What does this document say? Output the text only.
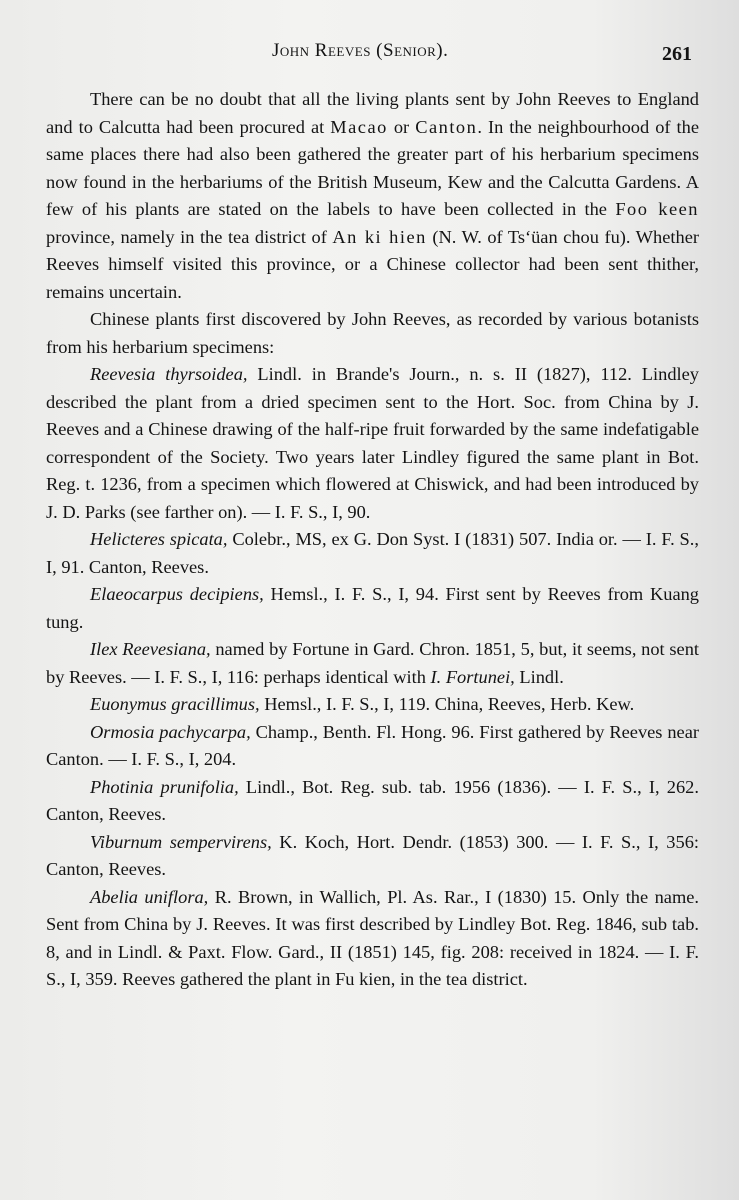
John Reeves (Senior).	261

There can be no doubt that all the living plants sent by John Reeves to England and to Calcutta had been procured at Macao or Canton. In the neighbourhood of the same places there had also been gathered the greater part of his herbarium specimens now found in the herbariums of the British Museum, Kew and the Calcutta Gardens. A few of his plants are stated on the labels to have been collected in the Foo keen province, namely in the tea district of An ki hien (N. W. of Ts‘üan chou fu). Whether Reeves himself visited this province, or a Chinese collector had been sent thither, remains uncertain.

Chinese plants first discovered by John Reeves, as recorded by various botanists from his herbarium specimens:

Reevesia thyrsoidea, Lindl. in Brande's Journ., n. s. II (1827), 112. Lindley described the plant from a dried specimen sent to the Hort. Soc. from China by J. Reeves and a Chinese drawing of the half-ripe fruit forwarded by the same indefatigable correspondent of the Society. Two years later Lindley figured the same plant in Bot. Reg. t. 1236, from a specimen which flowered at Chiswick, and had been introduced by J. D. Parks (see farther on). — I. F. S., I, 90.

Helicteres spicata, Colebr., MS, ex G. Don Syst. I (1831) 507. India or. — I. F. S., I, 91. Canton, Reeves.

Elaeocarpus decipiens, Hemsl., I. F. S., I, 94. First sent by Reeves from Kuang tung.

Ilex Reevesiana, named by Fortune in Gard. Chron. 1851, 5, but, it seems, not sent by Reeves. — I. F. S., I, 116: perhaps identical with I. Fortunei, Lindl.

Euonymus gracillimus, Hemsl., I. F. S., I, 119. China, Reeves, Herb. Kew.

Ormosia pachycarpa, Champ., Benth. Fl. Hong. 96. First gathered by Reeves near Canton. — I. F. S., I, 204.

Photinia prunifolia, Lindl., Bot. Reg. sub. tab. 1956 (1836). — I. F. S., I, 262. Canton, Reeves.

Viburnum sempervirens, K. Koch, Hort. Dendr. (1853) 300. — I. F. S., I, 356: Canton, Reeves.

Abelia uniflora, R. Brown, in Wallich, Pl. As. Rar., I (1830) 15. Only the name. Sent from China by J. Reeves. It was first described by Lindley Bot. Reg. 1846, sub tab. 8, and in Lindl. & Paxt. Flow. Gard., II (1851) 145, fig. 208: received in 1824. — I. F. S., I, 359. Reeves gathered the plant in Fu kien, in the tea district.
